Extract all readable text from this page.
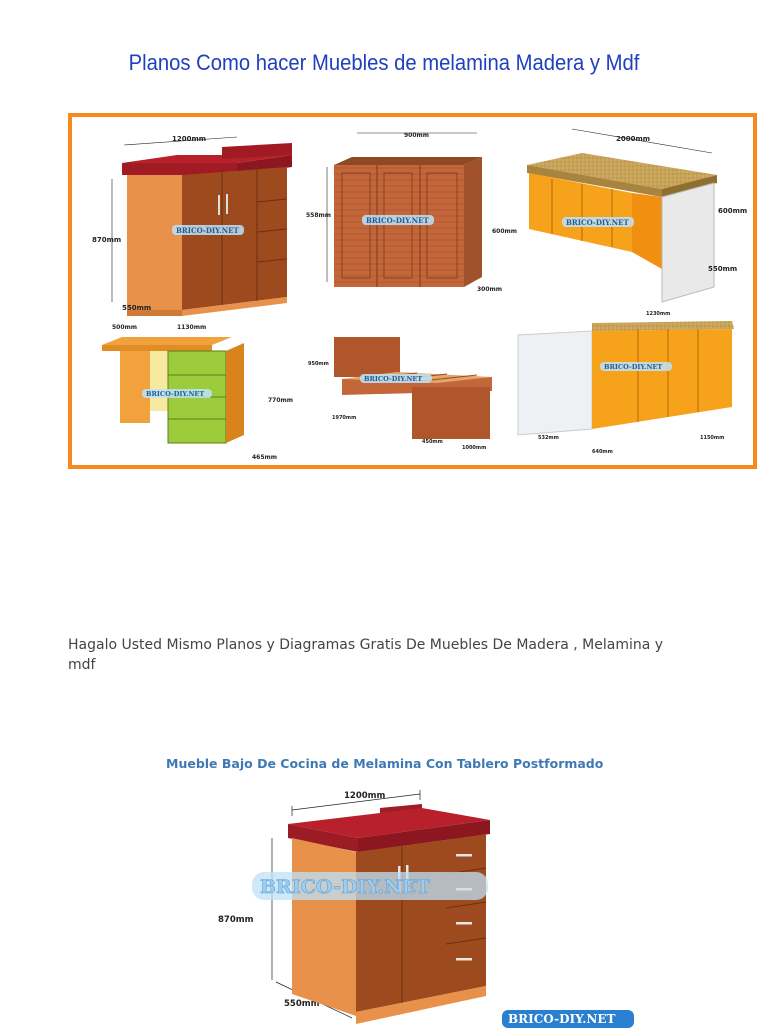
Planos Como hacer Muebles de melamina Madera y Mdf
1200mm
870mm
550mm
BRICO-DIY.NET
900mm
558mm
600mm
300mm
BRICO-DIY.NET
2000mm
600mm
550mm
BRICO-DIY.NET
500mm	1130mm
770mm
465mm
BRICO-DIY.NET
950mm
1970mm
1000mm
450mm
BRICO-DIY.NET
1230mm
532mm
640mm
1150mm
BRICO-DIY.NET
Hagalo Usted Mismo Planos y Diagramas Gratis De Muebles De Madera , Melamina y mdf
Mueble Bajo De Cocina de Melamina Con Tablero Postformado
1200mm
870mm
550mm
BRICO-DIY.NET
BRICO-DIY.NET
